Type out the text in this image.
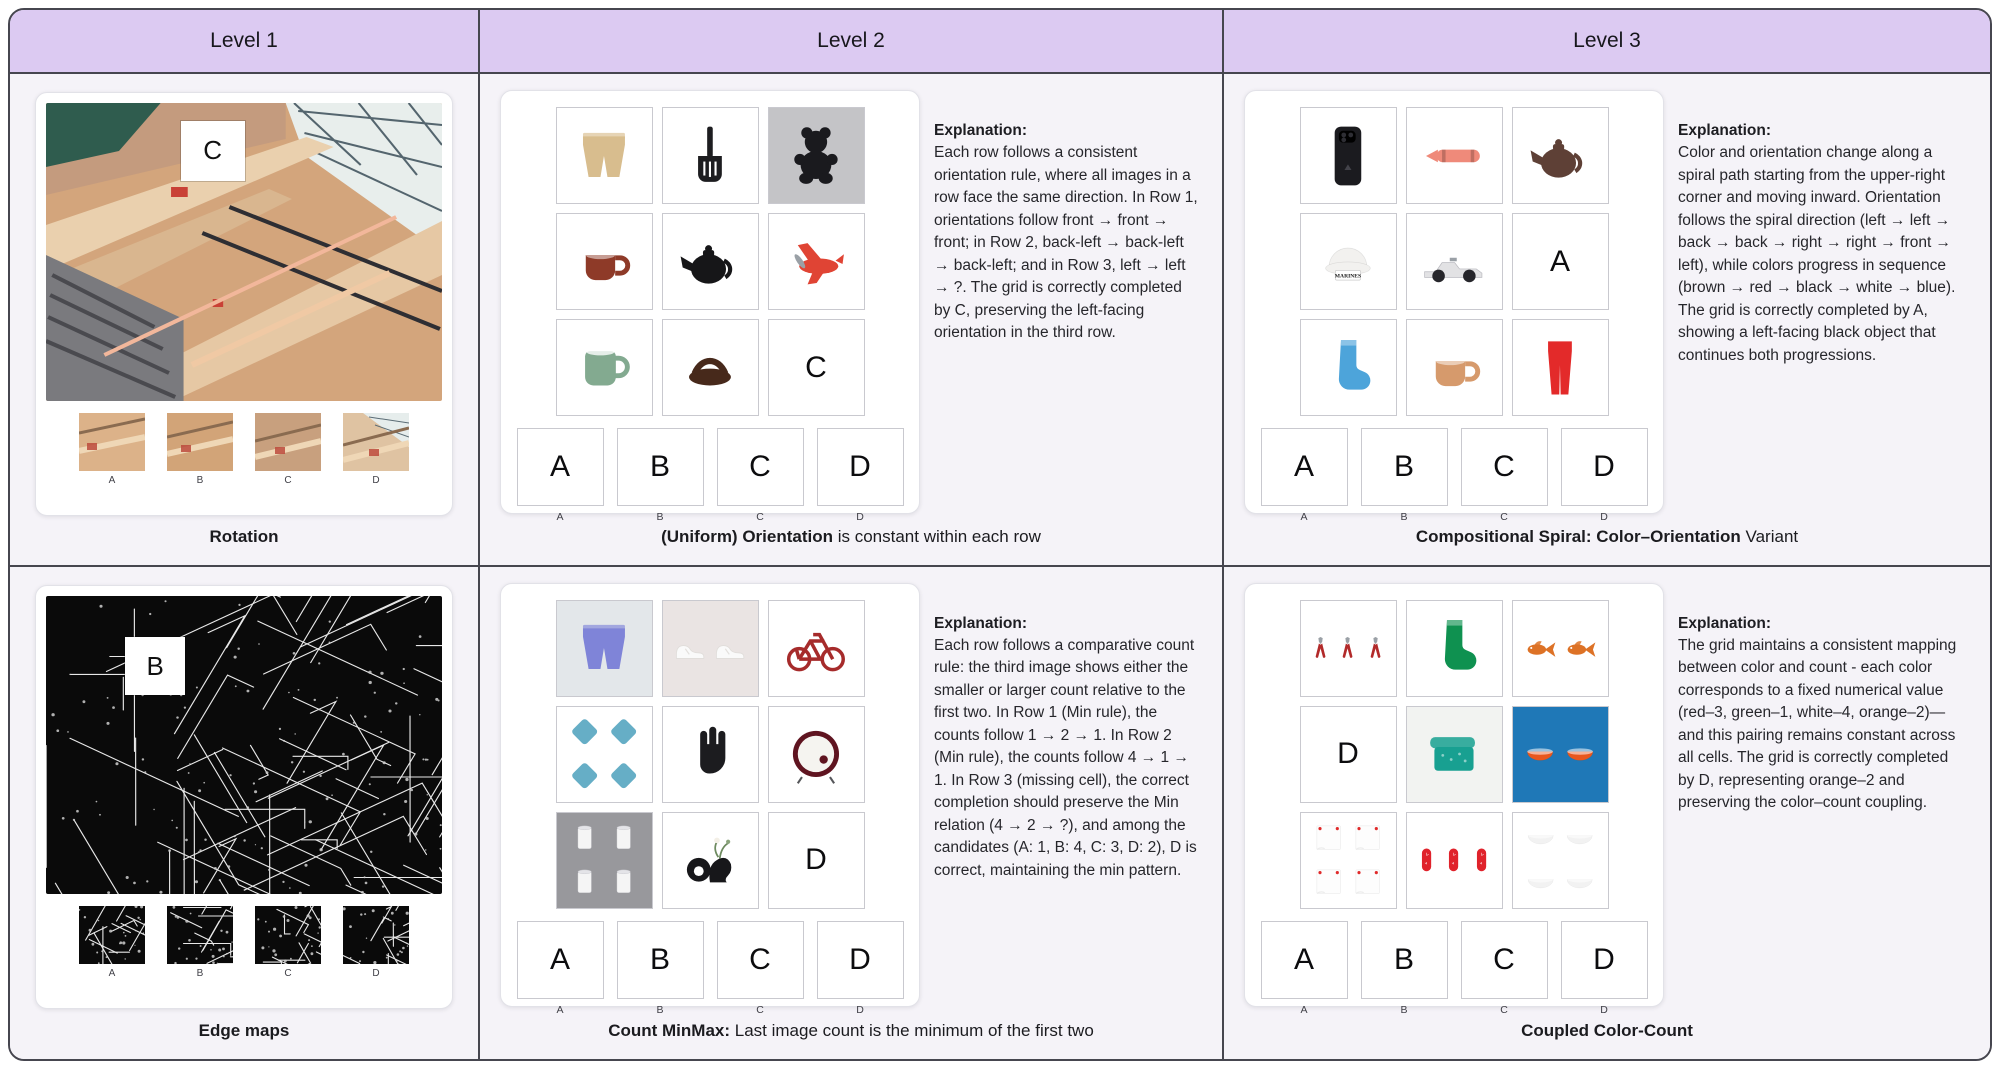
Level 1	Level 2	Level 3
C
A	B	C	D
Rotation
C
A
A
B
B
C
C
D
D
Explanation:
Each row follows a consistent orientation rule, where all images in a row face the same direction. In Row 1, orientations follow front → front → front; in Row 2, back-left → back-left → back-left; and in Row 3, left → left → ?. The grid is correctly completed by C, preserving the left-facing orientation in the third row.
(Uniform) Orientation is constant within each row
MARINES	A
A
A
B
B
C
C
D
D
Explanation:
Color and orientation change along a spiral path starting from the upper-right corner and moving inward. Orientation follows the spiral direction (left → left → back → back → right → right → front → left), while colors progress in sequence (brown → red → black → white → blue). The grid is correctly completed by A, showing a left-facing black object that continues both progressions.
Compositional Spiral: Color–Orientation Variant
B
A	B	C	D
Edge maps
D
A
A
B
B
C
C
D
D
Explanation:
Each row follows a comparative count rule: the third image shows either the smaller or larger count relative to the first two. In Row 1 (Min rule), the counts follow 1 → 2 → 1. In Row 2 (Min rule), the counts follow 4 → 1 → 1. In Row 3 (missing cell), the correct completion should preserve the Min relation (4 → 2 → ?), and among the candidates (A: 1, B: 4, C: 3, D: 2), D is correct, maintaining the min pattern.
Count MinMax: Last image count is the minimum of the first two
D
A
A
B
B
C
C
D
D
Explanation:
The grid maintains a consistent mapping between color and count - each color corresponds to a fixed numerical value (red–3, green–1, white–4, orange–2)—and this pairing remains constant across all cells. The grid is correctly completed by D, representing orange–2 and preserving the color–count coupling.
Coupled Color-Count
